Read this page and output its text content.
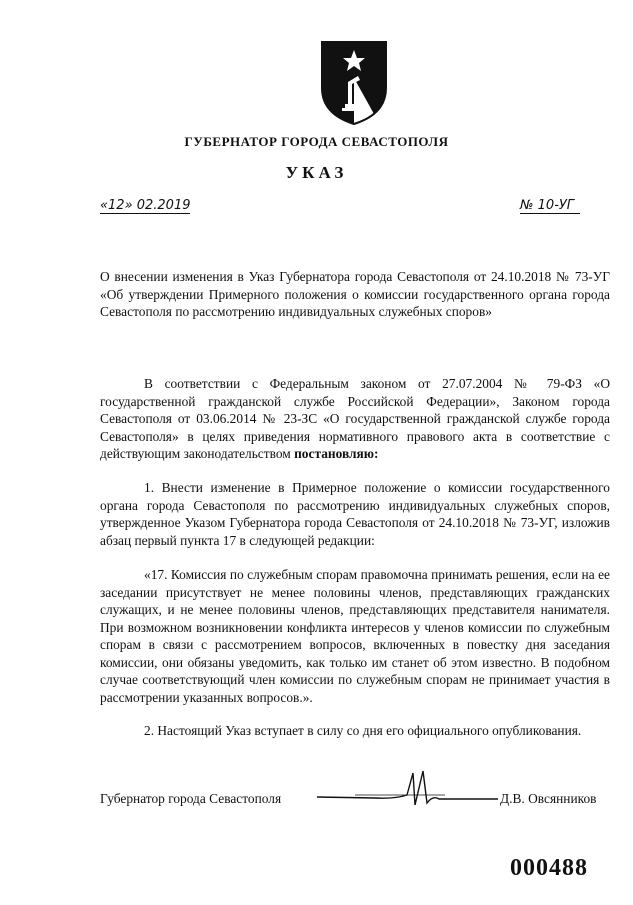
ГУБЕРНАТОР ГОРОДА СЕВАСТОПОЛЯ
УКАЗ
«12» 02.2019	№ 10-УГ
О внесении изменения в Указ Губернатора города Севастополя от 24.10.2018 № 73-УГ «Об утверждении Примерного положения о комиссии государственного органа города Севастополя по рассмотрению индивидуальных служебных споров»
В соответствии с Федеральным законом от 27.07.2004 № 79-ФЗ «О государственной гражданской службе Российской Федерации», Законом города Севастополя от 03.06.2014 № 23-ЗС «О государственной гражданской службе города Севастополя» в целях приведения нормативного правового акта в соответствие с действующим законодательством постановляю:
1. Внести изменение в Примерное положение о комиссии государственного органа города Севастополя по рассмотрению индивидуальных служебных споров, утвержденное Указом Губернатора города Севастополя от 24.10.2018 № 73-УГ, изложив абзац первый пункта 17 в следующей редакции:
«17. Комиссия по служебным спорам правомочна принимать решения, если на ее заседании присутствует не менее половины членов, представляющих гражданских служащих, и не менее половины членов, представляющих представителя нанимателя. При возможном возникновении конфликта интересов у членов комиссии по служебным спорам в связи с рассмотрением вопросов, включенных в повестку дня заседания комиссии, они обязаны уведомить, как только им станет об этом известно. В подобном случае соответствующий член комиссии по служебным спорам не принимает участия в рассмотрении указанных вопросов.».
2. Настоящий Указ вступает в силу со дня его официального опубликования.
Губернатор города Севастополя	Д.В. Овсянников
000488
